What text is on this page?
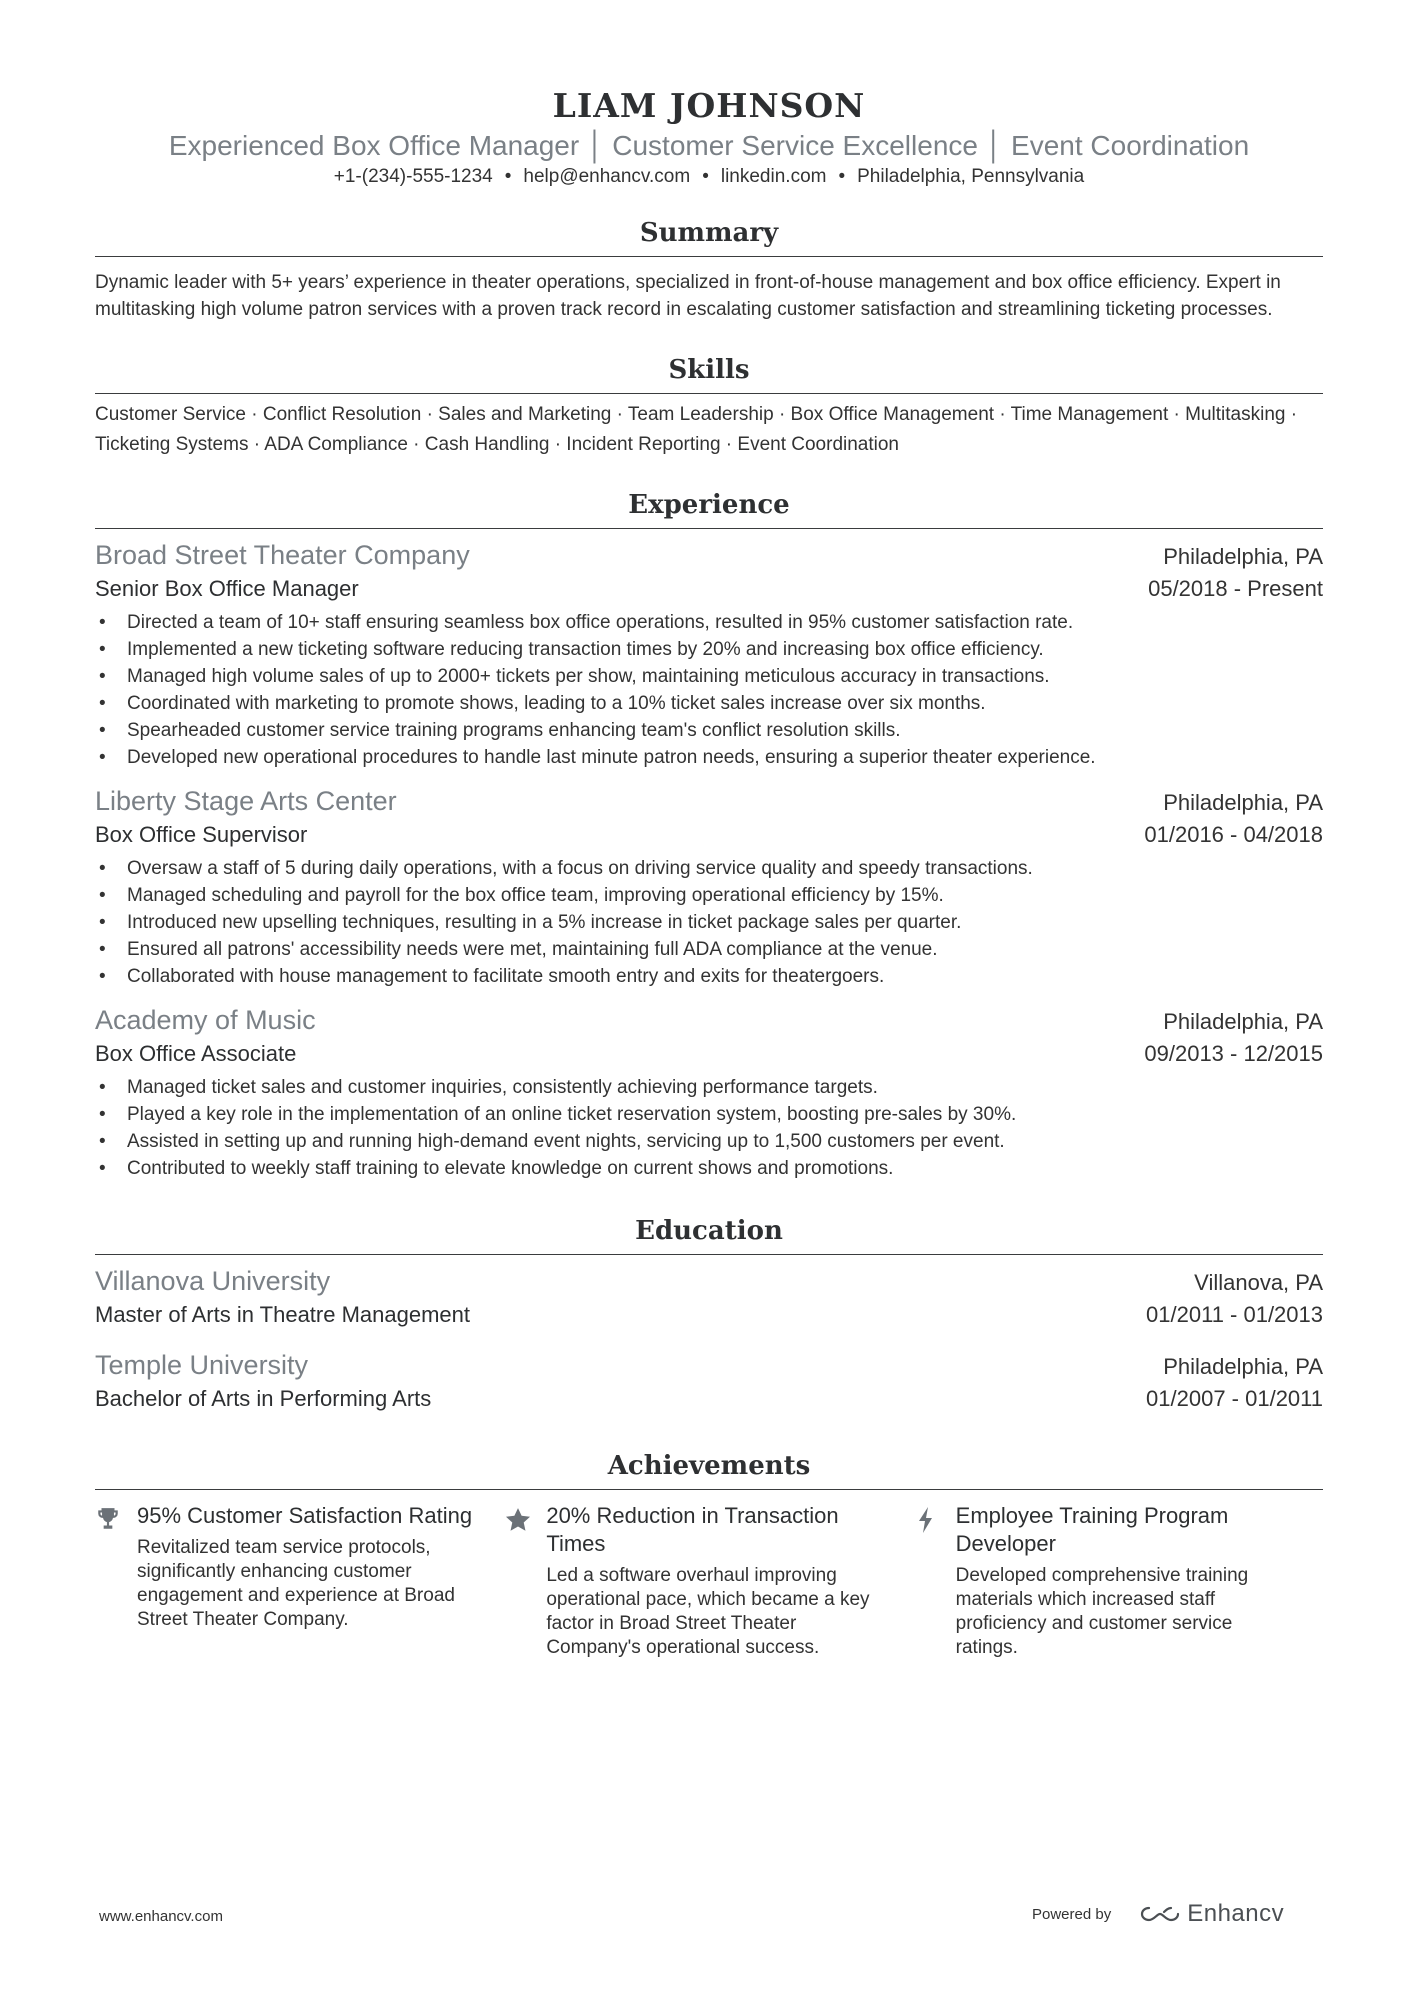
LIAM JOHNSON
Experienced Box Office Manager │ Customer Service Excellence │ Event Coordination
+1-(234)-555-1234 • help@enhancv.com • linkedin.com • Philadelphia, Pennsylvania
Summary
Dynamic leader with 5+ years’ experience in theater operations, specialized in front-of-house management and box office efficiency. Expert in multitasking high volume patron services with a proven track record in escalating customer satisfaction and streamlining ticketing processes.
Skills
Customer Service · Conflict Resolution · Sales and Marketing · Team Leadership · Box Office Management · Time Management · Multitasking · Ticketing Systems · ADA Compliance · Cash Handling · Incident Reporting · Event Coordination
Experience
Broad Street Theater Company	Philadelphia, PA
Senior Box Office Manager	05/2018 - Present
• Directed a team of 10+ staff ensuring seamless box office operations, resulted in 95% customer satisfaction rate.
• Implemented a new ticketing software reducing transaction times by 20% and increasing box office efficiency.
• Managed high volume sales of up to 2000+ tickets per show, maintaining meticulous accuracy in transactions.
• Coordinated with marketing to promote shows, leading to a 10% ticket sales increase over six months.
• Spearheaded customer service training programs enhancing team's conflict resolution skills.
• Developed new operational procedures to handle last minute patron needs, ensuring a superior theater experience.
Liberty Stage Arts Center	Philadelphia, PA
Box Office Supervisor	01/2016 - 04/2018
• Oversaw a staff of 5 during daily operations, with a focus on driving service quality and speedy transactions.
• Managed scheduling and payroll for the box office team, improving operational efficiency by 15%.
• Introduced new upselling techniques, resulting in a 5% increase in ticket package sales per quarter.
• Ensured all patrons' accessibility needs were met, maintaining full ADA compliance at the venue.
• Collaborated with house management to facilitate smooth entry and exits for theatergoers.
Academy of Music	Philadelphia, PA
Box Office Associate	09/2013 - 12/2015
• Managed ticket sales and customer inquiries, consistently achieving performance targets.
• Played a key role in the implementation of an online ticket reservation system, boosting pre-sales by 30%.
• Assisted in setting up and running high-demand event nights, servicing up to 1,500 customers per event.
• Contributed to weekly staff training to elevate knowledge on current shows and promotions.
Education
Villanova University	Villanova, PA
Master of Arts in Theatre Management	01/2011 - 01/2013
Temple University	Philadelphia, PA
Bachelor of Arts in Performing Arts	01/2007 - 01/2011
Achievements
95% Customer Satisfaction Rating
Revitalized team service protocols, significantly enhancing customer engagement and experience at Broad Street Theater Company.
20% Reduction in Transaction Times
Led a software overhaul improving operational pace, which became a key factor in Broad Street Theater Company's operational success.
Employee Training Program Developer
Developed comprehensive training materials which increased staff proficiency and customer service ratings.
www.enhancv.com	Powered by	Enhancv
